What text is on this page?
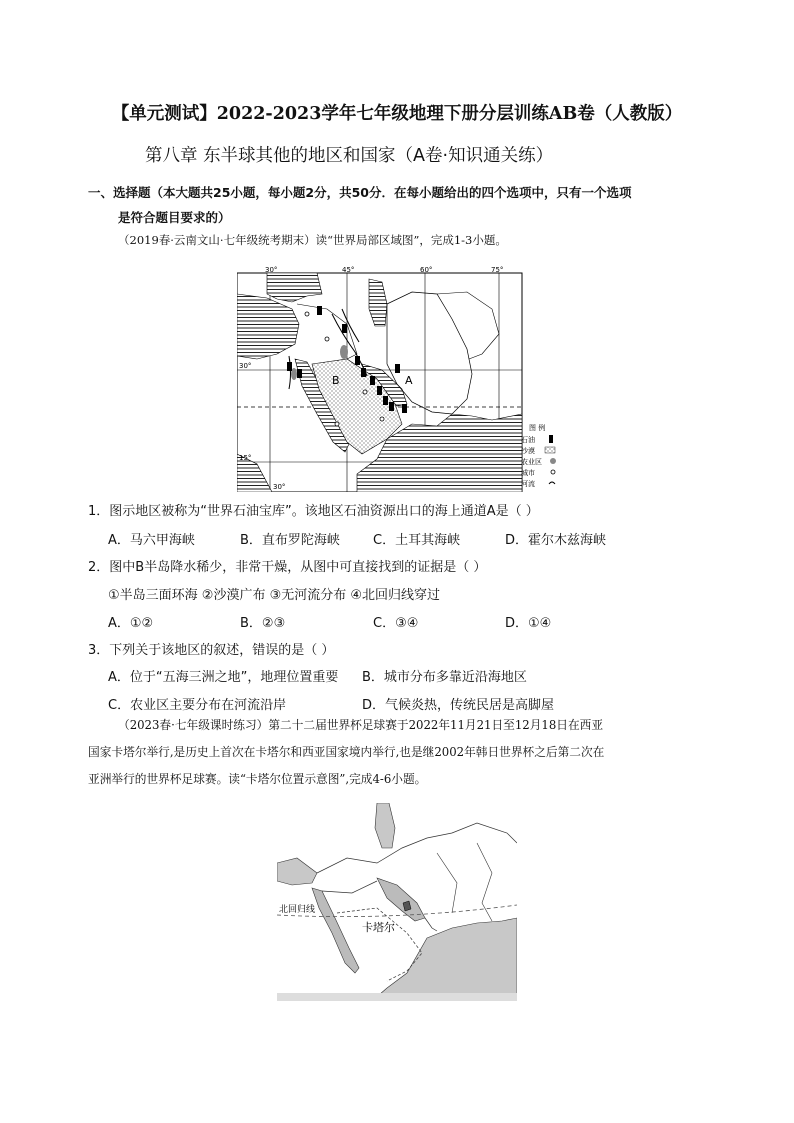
【单元测试】2022-2023学年七年级地理下册分层训练AB卷（人教版）
第八章 东半球其他的地区和国家（A卷·知识通关练）
一、选择题（本大题共25小题，每小题2分，共50分．在每小题给出的四个选项中，只有一个选项
是符合题目要求的）
（2019春·云南文山·七年级统考期末）读“世界局部区域图”，完成1-3小题。
30°	45°	60°	75°
30°
15°
30°
B	A
图 例
石油
沙漠
农业区
城市
河流
1．图示地区被称为“世界石油宝库”。该地区石油资源出口的海上通道A是（ ）
A．马六甲海峡	B．直布罗陀海峡	C．土耳其海峡	D．霍尔木兹海峡
2．图中B半岛降水稀少，非常干燥，从图中可直接找到的证据是（ ）
①半岛三面环海 ②沙漠广布 ③无河流分布 ④北回归线穿过
A．①②	B．②③	C．③④	D．①④
3．下列关于该地区的叙述，错误的是（ ）
A．位于“五海三洲之地”，地理位置重要 B．城市分布多靠近沿海地区
C．农业区主要分布在河流沿岸	D．气候炎热，传统民居是高脚屋
（2023春·七年级课时练习）第二十二届世界杯足球赛于2022年11月21日至12月18日在西亚
国家卡塔尔举行,是历史上首次在卡塔尔和西亚国家境内举行,也是继2002年韩日世界杯之后第二次在
亚洲举行的世界杯足球赛。读“卡塔尔位置示意图”,完成4-6小题。
北回归线
卡塔尔
